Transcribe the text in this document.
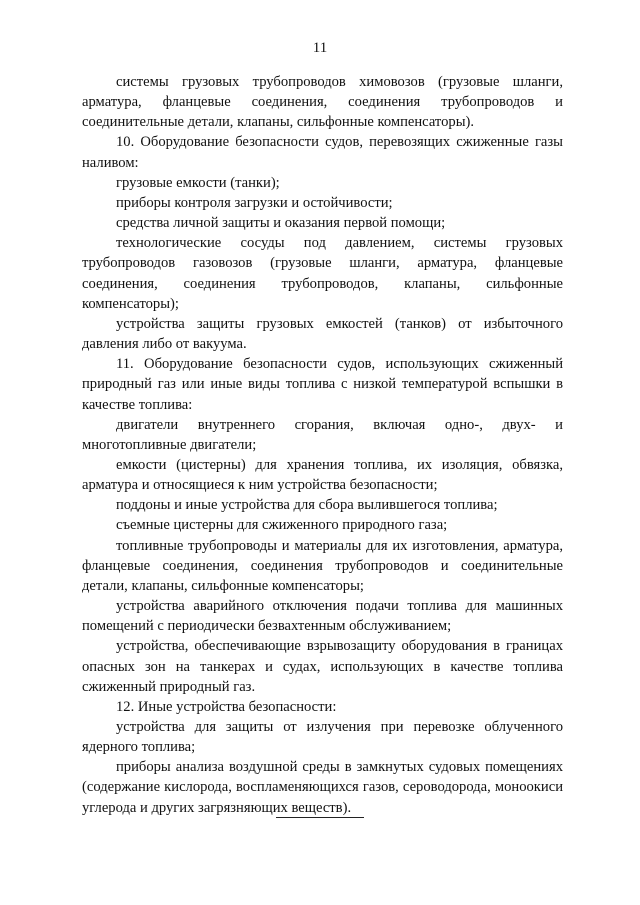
11

системы грузовых трубопроводов химовозов (грузовые шланги, арматура, фланцевые соединения, соединения трубопроводов и соединительные детали, клапаны, сильфонные компенсаторы).

10. Оборудование безопасности судов, перевозящих сжиженные газы наливом:

грузовые емкости (танки);

приборы контроля загрузки и остойчивости;

средства личной защиты и оказания первой помощи;

технологические сосуды под давлением, системы грузовых трубопроводов газовозов (грузовые шланги, арматура, фланцевые соединения, соединения трубопроводов, клапаны, сильфонные компенсаторы);

устройства защиты грузовых емкостей (танков) от избыточного давления либо от вакуума.

11. Оборудование безопасности судов, использующих сжиженный природный газ или иные виды топлива с низкой температурой вспышки в качестве топлива:

двигатели внутреннего сгорания, включая одно-, двух- и многотопливные двигатели;

емкости (цистерны) для хранения топлива, их изоляция, обвязка, арматура и относящиеся к ним устройства безопасности;

поддоны и иные устройства для сбора вылившегося топлива;

съемные цистерны для сжиженного природного газа;

топливные трубопроводы и материалы для их изготовления, арматура, фланцевые соединения, соединения трубопроводов и соединительные детали, клапаны, сильфонные компенсаторы;

устройства аварийного отключения подачи топлива для машинных помещений с периодически безвахтенным обслуживанием;

устройства, обеспечивающие взрывозащиту оборудования в границах опасных зон на танкерах и судах, использующих в качестве топлива сжиженный природный газ.

12. Иные устройства безопасности:

устройства для защиты от излучения при перевозке облученного ядерного топлива;

приборы анализа воздушной среды в замкнутых судовых помещениях (содержание кислорода, воспламеняющихся газов, сероводорода, моноокиси углерода и других загрязняющих веществ).
